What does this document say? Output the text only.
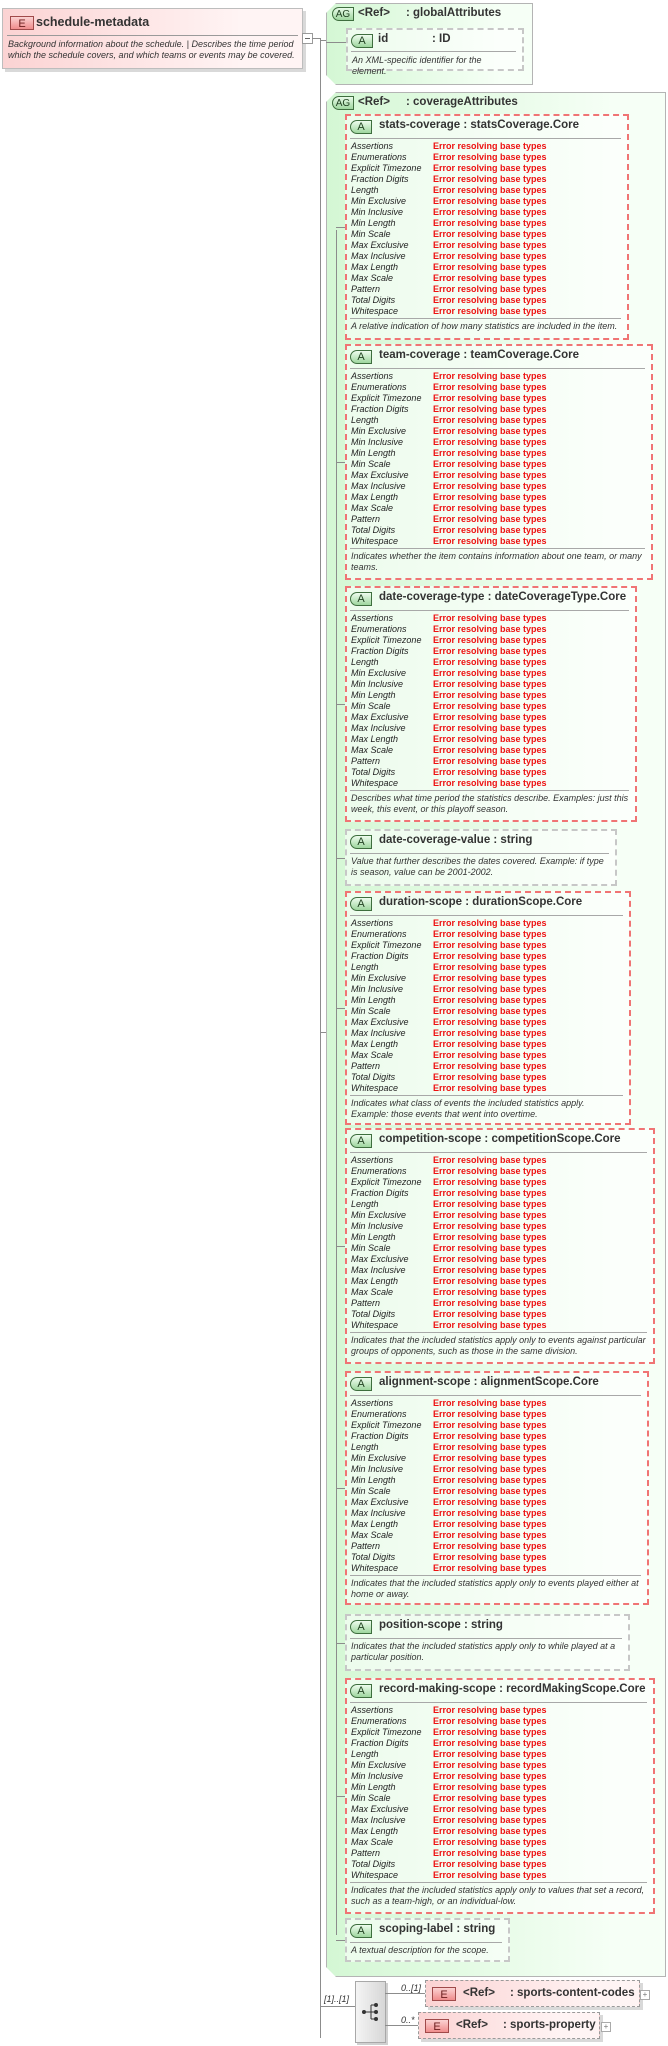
E schedule-metadata
Background information about the schedule. | Describes the time period which the schedule covers, and which teams or events may be covered.
AG <Ref> : globalAttributes
A	id	: ID
An XML-specific identifier for the element.
AG <Ref> : coverageAttributes
A	stats-coverage : statsCoverage.Core
Assertions	Error resolving base types
Enumerations	Error resolving base types
Explicit Timezone Error resolving base types
Fraction Digits	Error resolving base types
Length	Error resolving base types
Min Exclusive	Error resolving base types
Min Inclusive	Error resolving base types
Min Length	Error resolving base types
Min Scale	Error resolving base types
Max Exclusive	Error resolving base types
Max Inclusive	Error resolving base types
Max Length	Error resolving base types
Max Scale	Error resolving base types
Pattern	Error resolving base types
Total Digits	Error resolving base types
Whitespace	Error resolving base types
A relative indication of how many statistics are included in the item.
A	team-coverage : teamCoverage.Core
Assertions	Error resolving base types
Enumerations	Error resolving base types
Explicit Timezone Error resolving base types
Fraction Digits	Error resolving base types
Length	Error resolving base types
Min Exclusive	Error resolving base types
Min Inclusive	Error resolving base types
Min Length	Error resolving base types
Min Scale	Error resolving base types
Max Exclusive	Error resolving base types
Max Inclusive	Error resolving base types
Max Length	Error resolving base types
Max Scale	Error resolving base types
Pattern	Error resolving base types
Total Digits	Error resolving base types
Whitespace	Error resolving base types
Indicates whether the item contains information about one team, or many teams.
A	date-coverage-type : dateCoverageType.Core
Assertions	Error resolving base types
Enumerations	Error resolving base types
Explicit Timezone Error resolving base types
Fraction Digits	Error resolving base types
Length	Error resolving base types
Min Exclusive	Error resolving base types
Min Inclusive	Error resolving base types
Min Length	Error resolving base types
Min Scale	Error resolving base types
Max Exclusive	Error resolving base types
Max Inclusive	Error resolving base types
Max Length	Error resolving base types
Max Scale	Error resolving base types
Pattern	Error resolving base types
Total Digits	Error resolving base types
Whitespace	Error resolving base types
Describes what time period the statistics describe. Examples: just this week, this event, or this playoff season.
A	date-coverage-value : string
Value that further describes the dates covered. Example: if type is season, value can be 2001-2002.
A	duration-scope : durationScope.Core
Assertions	Error resolving base types
Enumerations	Error resolving base types
Explicit Timezone Error resolving base types
Fraction Digits	Error resolving base types
Length	Error resolving base types
Min Exclusive	Error resolving base types
Min Inclusive	Error resolving base types
Min Length	Error resolving base types
Min Scale	Error resolving base types
Max Exclusive	Error resolving base types
Max Inclusive	Error resolving base types
Max Length	Error resolving base types
Max Scale	Error resolving base types
Pattern	Error resolving base types
Total Digits	Error resolving base types
Whitespace	Error resolving base types
Indicates what class of events the included statistics apply. Example: those events that went into overtime.
A	competition-scope : competitionScope.Core
Assertions	Error resolving base types
Enumerations	Error resolving base types
Explicit Timezone Error resolving base types
Fraction Digits	Error resolving base types
Length	Error resolving base types
Min Exclusive	Error resolving base types
Min Inclusive	Error resolving base types
Min Length	Error resolving base types
Min Scale	Error resolving base types
Max Exclusive	Error resolving base types
Max Inclusive	Error resolving base types
Max Length	Error resolving base types
Max Scale	Error resolving base types
Pattern	Error resolving base types
Total Digits	Error resolving base types
Whitespace	Error resolving base types
Indicates that the included statistics apply only to events against particular groups of opponents, such as those in the same division.
A	alignment-scope : alignmentScope.Core
Assertions	Error resolving base types
Enumerations	Error resolving base types
Explicit Timezone Error resolving base types
Fraction Digits	Error resolving base types
Length	Error resolving base types
Min Exclusive	Error resolving base types
Min Inclusive	Error resolving base types
Min Length	Error resolving base types
Min Scale	Error resolving base types
Max Exclusive	Error resolving base types
Max Inclusive	Error resolving base types
Max Length	Error resolving base types
Max Scale	Error resolving base types
Pattern	Error resolving base types
Total Digits	Error resolving base types
Whitespace	Error resolving base types
Indicates that the included statistics apply only to events played either at home or away.
A	position-scope : string
Indicates that the included statistics apply only to while played at a particular position.
A	record-making-scope : recordMakingScope.Core
Assertions	Error resolving base types
Enumerations	Error resolving base types
Explicit Timezone Error resolving base types
Fraction Digits	Error resolving base types
Length	Error resolving base types
Min Exclusive	Error resolving base types
Min Inclusive	Error resolving base types
Min Length	Error resolving base types
Min Scale	Error resolving base types
Max Exclusive	Error resolving base types
Max Inclusive	Error resolving base types
Max Length	Error resolving base types
Max Scale	Error resolving base types
Pattern	Error resolving base types
Total Digits	Error resolving base types
Whitespace	Error resolving base types
Indicates that the included statistics apply only to values that set a record, such as a team-high, or an individual-low.
A	scoping-label : string
A textual description for the scope.
[1]..[1]
0..[1]
E	<Ref> : sports-content-codes	+
0..*
E	<Ref> : sports-property	+
